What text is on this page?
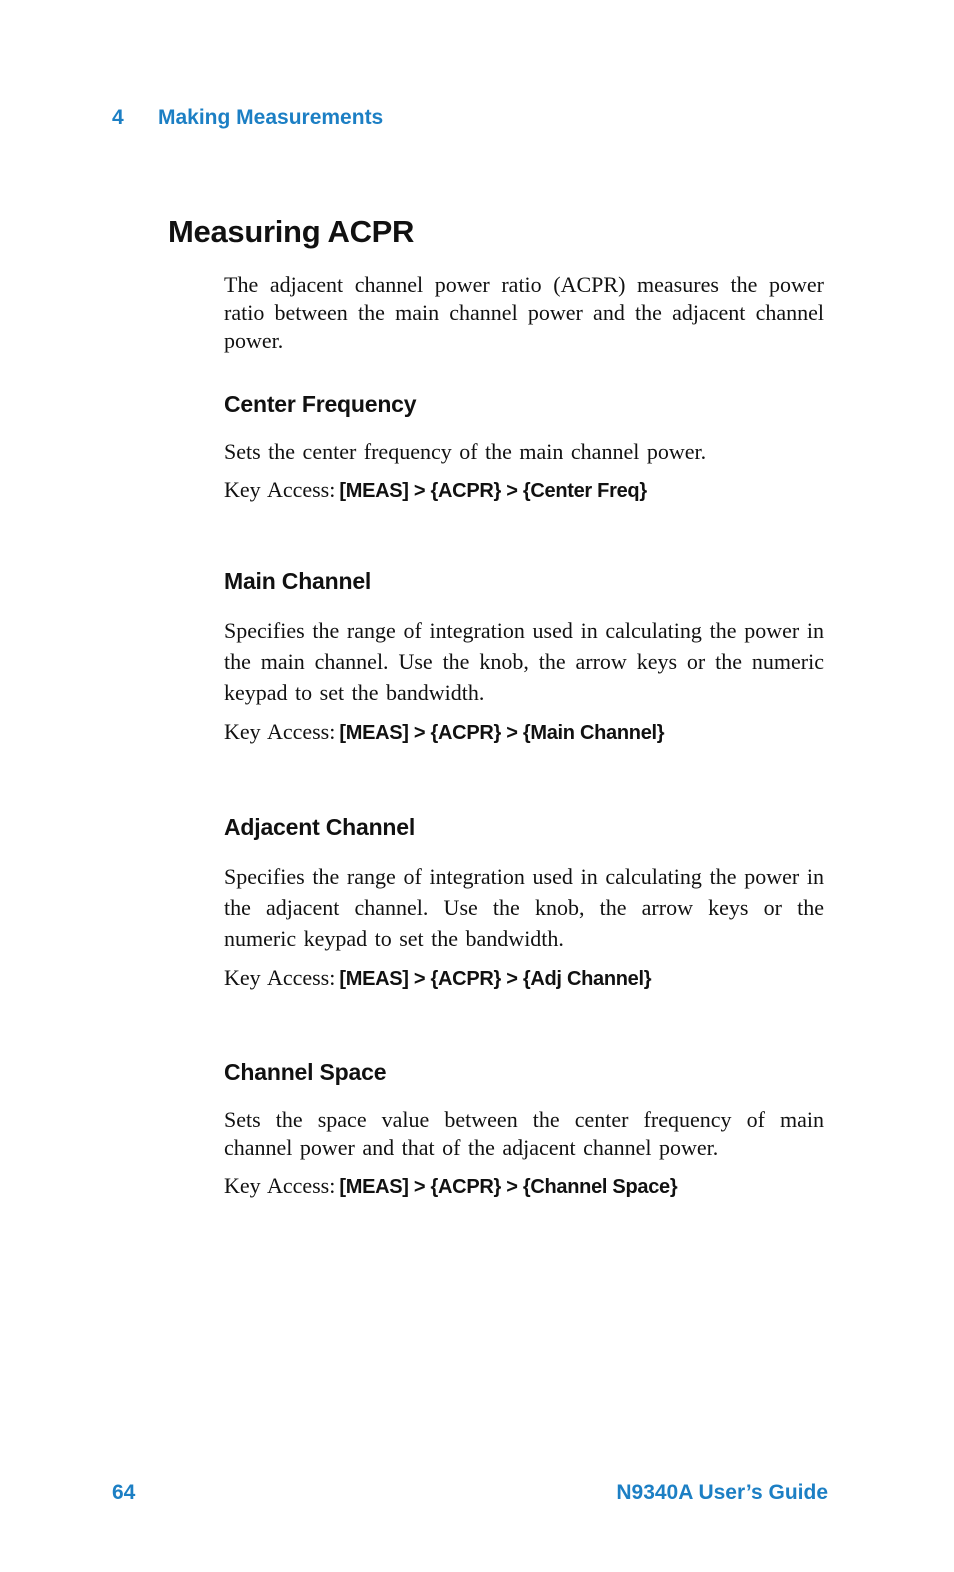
4 Making Measurements
Measuring ACPR

The adjacent channel power ratio (ACPR) measures the power ratio between the main channel power and the adjacent channel power.

Center Frequency

Sets the center frequency of the main channel power.

Key Access: [MEAS] > {ACPR} > {Center Freq}

Main Channel

Specifies the range of integration used in calculating the power in the main channel. Use the knob, the arrow keys or the numeric keypad to set the bandwidth.

Key Access: [MEAS] > {ACPR} > {Main Channel}

Adjacent Channel

Specifies the range of integration used in calculating the power in the adjacent channel. Use the knob, the arrow keys or the numeric keypad to set the bandwidth.

Key Access: [MEAS] > {ACPR} > {Adj Channel}

Channel Space

Sets the space value between the center frequency of main channel power and that of the adjacent channel power.

Key Access: [MEAS] > {ACPR} > {Channel Space}

64	N9340A User’s Guide
